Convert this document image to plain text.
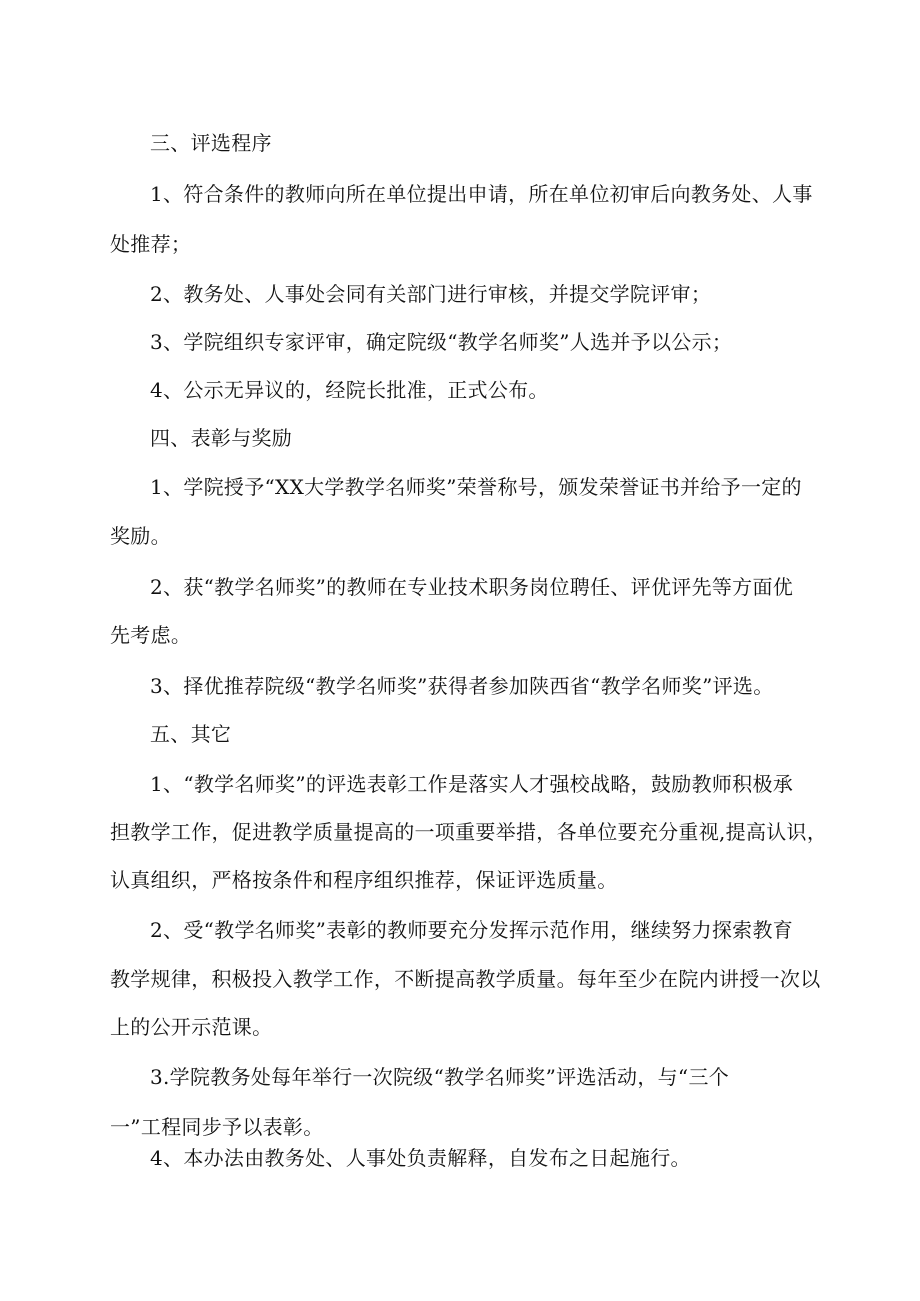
三、评选程序
1、符合条件的教师向所在单位提出申请，所在单位初审后向教务处、人事
处推荐；
2、教务处、人事处会同有关部门进行审核，并提交学院评审；
3、学院组织专家评审，确定院级“教学名师奖”人选并予以公示；
4、公示无异议的，经院长批准，正式公布。
四、表彰与奖励
1、学院授予“XX大学教学名师奖”荣誉称号，颁发荣誉证书并给予一定的
奖励。
2、获“教学名师奖”的教师在专业技术职务岗位聘任、评优评先等方面优
先考虑。
3、择优推荐院级“教学名师奖”获得者参加陕西省“教学名师奖”评选。
五、其它
1、“教学名师奖”的评选表彰工作是落实人才强校战略，鼓励教师积极承
担教学工作，促进教学质量提高的一项重要举措，各单位要充分重视,提高认识，
认真组织，严格按条件和程序组织推荐，保证评选质量。
2、受“教学名师奖”表彰的教师要充分发挥示范作用，继续努力探索教育
教学规律，积极投入教学工作，不断提高教学质量。每年至少在院内讲授一次以
上的公开示范课。
3.学院教务处每年举行一次院级“教学名师奖”评选活动，与“三个
一”工程同步予以表彰。
4、本办法由教务处、人事处负责解释，自发布之日起施行。
